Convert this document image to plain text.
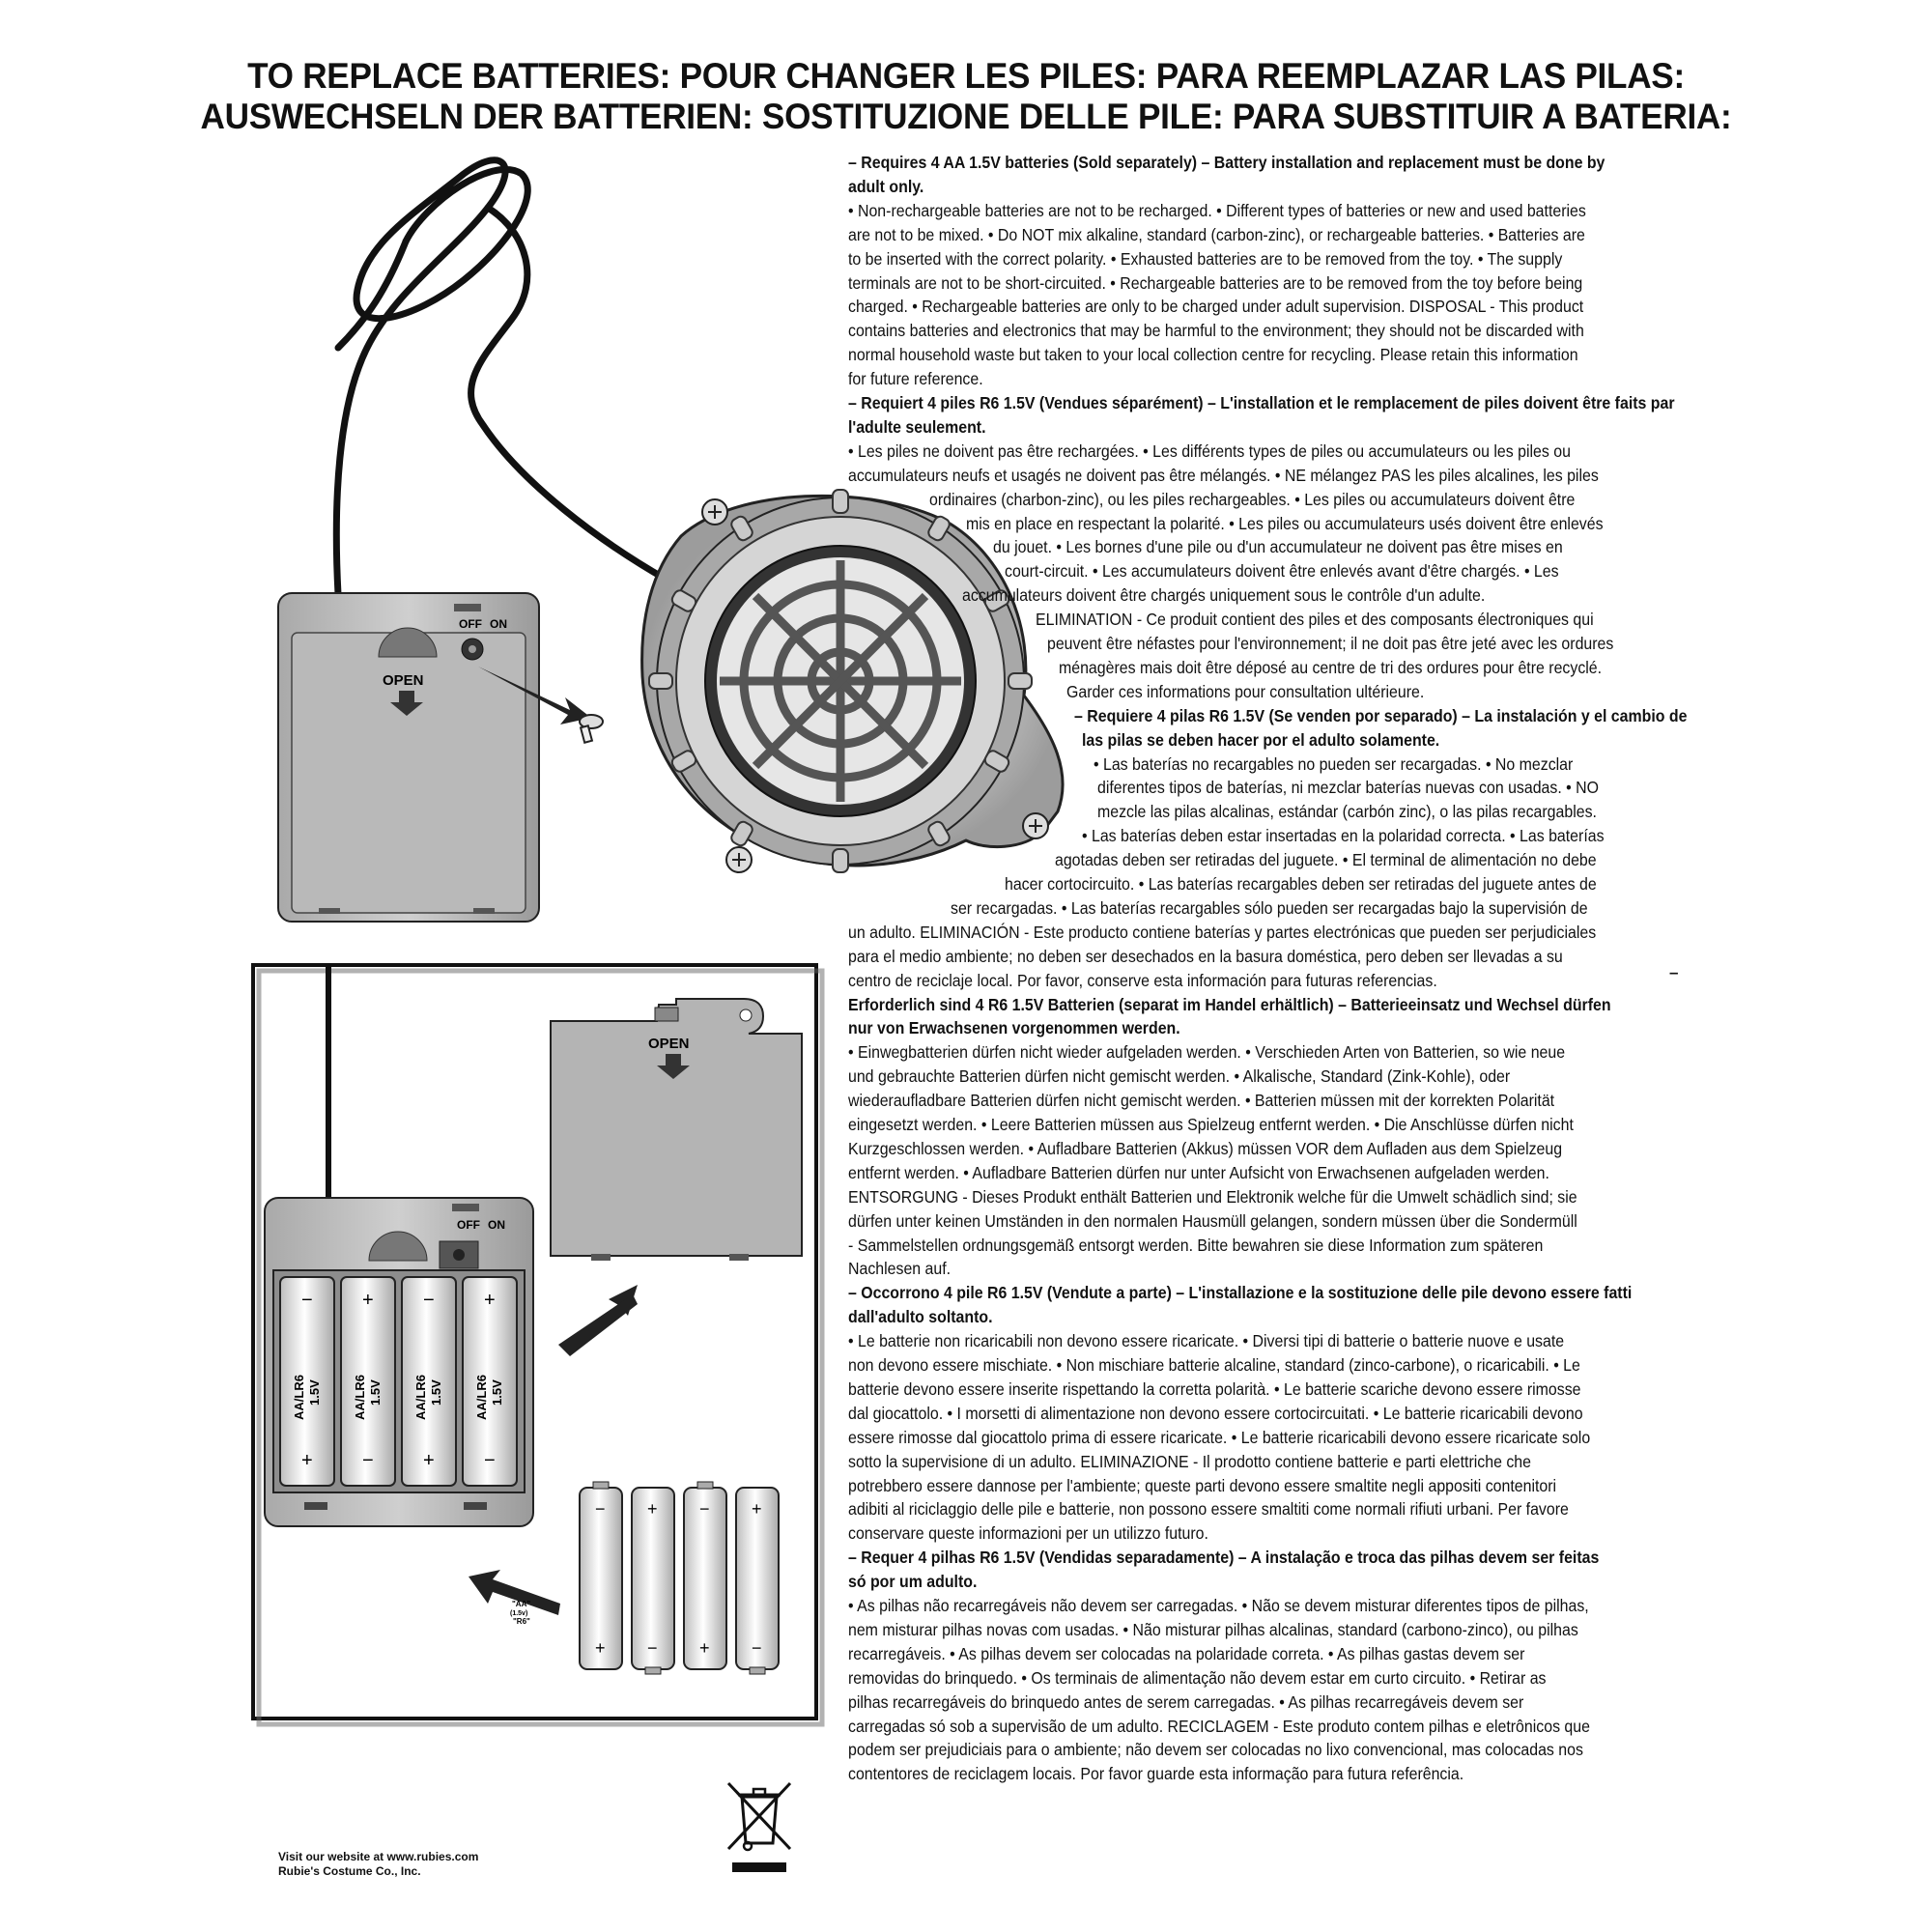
TO REPLACE BATTERIES: POUR CHANGER LES PILES: PARA REEMPLAZAR LAS PILAS:
AUSWECHSELN DER BATTERIEN: SOSTITUZIONE DELLE PILE: PARA SUBSTITUIR A BATERIA:
OFF ON
OPEN
OFF ON
−
+
AA/LR6 1.5V
+
−
AA/LR6 1.5V
−
+
AA/LR6 1.5V
+
−
AA/LR6 1.5V
OPEN
"AA"
(1.5v)
"R6"
−
+
+
−
−
+
+
−
– Requires 4 AA 1.5V batteries (Sold separately) – Battery installation and replacement must be done by
adult only.
• Non-rechargeable batteries are not to be recharged. • Different types of batteries or new and used batteries
are not to be mixed. • Do NOT mix alkaline, standard (carbon-zinc), or rechargeable batteries. • Batteries are
to be inserted with the correct polarity. • Exhausted batteries are to be removed from the toy. • The supply
terminals are not to be short-circuited. • Rechargeable batteries are to be removed from the toy before being
charged. • Rechargeable batteries are only to be charged under adult supervision. DISPOSAL - This product
contains batteries and electronics that may be harmful to the environment; they should not be discarded with
normal household waste but taken to your local collection centre for recycling. Please retain this information
for future reference.
– Requiert 4 piles R6 1.5V (Vendues séparément) – L'installation et le remplacement de piles doivent être faits par
l'adulte seulement.
• Les piles ne doivent pas être rechargées. • Les différents types de piles ou accumulateurs ou les piles ou
accumulateurs neufs et usagés ne doivent pas être mélangés. • NE mélangez PAS les piles alcalines, les piles
ordinaires (charbon-zinc), ou les piles rechargeables. • Les piles ou accumulateurs doivent être
mis en place en respectant la polarité. • Les piles ou accumulateurs usés doivent être enlevés
du jouet. • Les bornes d'une pile ou d'un accumulateur ne doivent pas être mises en
court-circuit. • Les accumulateurs doivent être enlevés avant d'être chargés. • Les
accumulateurs doivent être chargés uniquement sous le contrôle d'un adulte.
ELIMINATION - Ce produit contient des piles et des composants électroniques qui
peuvent être néfastes pour l'environnement; il ne doit pas être jeté avec les ordures
ménagères mais doit être déposé au centre de tri des ordures pour être recyclé.
Garder ces informations pour consultation ultérieure.
– Requiere 4 pilas R6 1.5V (Se venden por separado) – La instalación y el cambio de
las pilas se deben hacer por el adulto solamente.
• Las baterías no recargables no pueden ser recargadas. • No mezclar
diferentes tipos de baterías, ni mezclar baterías nuevas con usadas. • NO
mezcle las pilas alcalinas, estándar (carbón zinc), o las pilas recargables.
• Las baterías deben estar insertadas en la polaridad correcta. • Las baterías
agotadas deben ser retiradas del juguete. • El terminal de alimentación no debe
hacer cortocircuito. • Las baterías recargables deben ser retiradas del juguete antes de
ser recargadas. • Las baterías recargables sólo pueden ser recargadas bajo la supervisión de
un adulto. ELIMINACIÓN - Este producto contiene baterías y partes electrónicas que pueden ser perjudiciales
para el medio ambiente; no deben ser desechados en la basura doméstica, pero deben ser llevadas a su
centro de reciclaje local. Por favor, conserve esta información para futuras referencias.
Erforderlich sind 4 R6 1.5V Batterien (separat im Handel erhältlich) – Batterieeinsatz und Wechsel dürfen
nur von Erwachsenen vorgenommen werden.
• Einwegbatterien dürfen nicht wieder aufgeladen werden. • Verschieden Arten von Batterien, so wie neue
und gebrauchte Batterien dürfen nicht gemischt werden. • Alkalische, Standard (Zink-Kohle), oder
wiederaufladbare Batterien dürfen nicht gemischt werden. • Batterien müssen mit der korrekten Polarität
eingesetzt werden. • Leere Batterien müssen aus Spielzeug entfernt werden. • Die Anschlüsse dürfen nicht
Kurzgeschlossen werden. • Aufladbare Batterien (Akkus) müssen VOR dem Aufladen aus dem Spielzeug
entfernt werden. • Aufladbare Batterien dürfen nur unter Aufsicht von Erwachsenen aufgeladen werden.
ENTSORGUNG - Dieses Produkt enthält Batterien und Elektronik welche für die Umwelt schädlich sind; sie
dürfen unter keinen Umständen in den normalen Hausmüll gelangen, sondern müssen über die Sondermüll
- Sammelstellen ordnungsgemäß entsorgt werden. Bitte bewahren sie diese Information zum späteren
Nachlesen auf.
– Occorrono 4 pile R6 1.5V (Vendute a parte) – L'installazione e la sostituzione delle pile devono essere fatti
dall'adulto soltanto.
• Le batterie non ricaricabili non devono essere ricaricate. • Diversi tipi di batterie o batterie nuove e usate
non devono essere mischiate. • Non mischiare batterie alcaline, standard (zinco-carbone), o ricaricabili. • Le
batterie devono essere inserite rispettando la corretta polarità. • Le batterie scariche devono essere rimosse
dal giocattolo. • I morsetti di alimentazione non devono essere cortocircuitati. • Le batterie ricaricabili devono
essere rimosse dal giocattolo prima di essere ricaricate. • Le batterie ricaricabili devono essere ricaricate solo
sotto la supervisione di un adulto. ELIMINAZIONE - Il prodotto contiene batterie e parti elettriche che
potrebbero essere dannose per l'ambiente; queste parti devono essere smaltite negli appositi contenitori
adibiti al riciclaggio delle pile e batterie, non possono essere smaltiti come normali rifiuti urbani. Per favore
conservare queste informazioni per un utilizzo futuro.
– Requer 4 pilhas R6 1.5V (Vendidas separadamente) – A instalação e troca das pilhas devem ser feitas
só por um adulto.
• As pilhas não recarregáveis não devem ser carregadas. • Não se devem misturar diferentes tipos de pilhas,
nem misturar pilhas novas com usadas. • Não misturar pilhas alcalinas, standard (carbono-zinco), ou pilhas
recarregáveis. • As pilhas devem ser colocadas na polaridade correta. • As pilhas gastas devem ser
removidas do brinquedo. • Os terminais de alimentação não devem estar em curto circuito. • Retirar as
pilhas recarregáveis do brinquedo antes de serem carregadas. • As pilhas recarregáveis devem ser
carregadas só sob a supervisão de um adulto. RECICLAGEM - Este produto contem pilhas e eletrônicos que
podem ser prejudiciais para o ambiente; não devem ser colocadas no lixo convencional, mas colocadas nos
contentores de reciclagem locais. Por favor guarde esta informação para futura referência.
–
Visit our website at www.rubies.com
Rubie's Costume Co., Inc.
